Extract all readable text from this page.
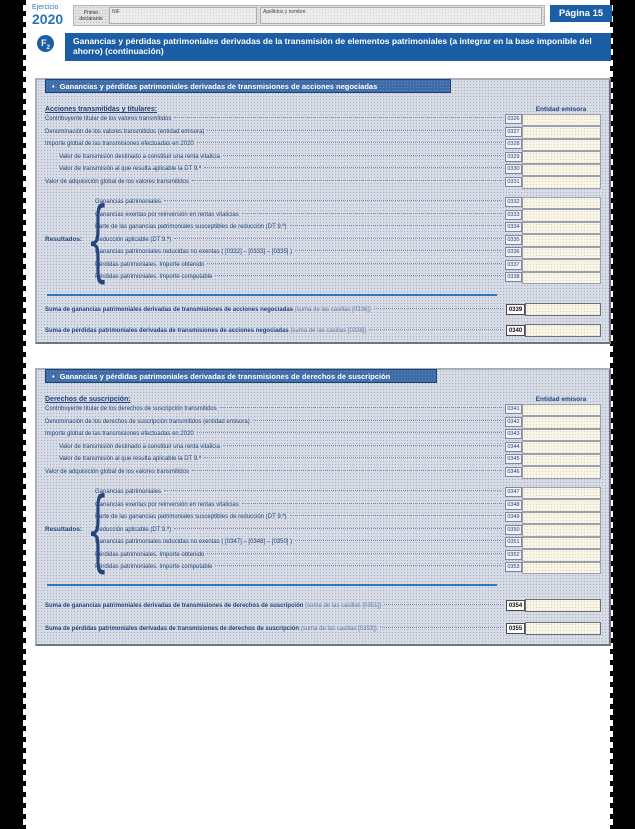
Ejercicio
2020	Primer declarante
NIF	Apellidos y nombre	Página 15
$F_2$
Ganancias y pérdidas patrimoniales derivadas de la transmisión de elementos patrimoniales (a integrar en la base imponible del ahorro) (continuación)
• Ganancias y pérdidas patrimoniales derivadas de transmisiones de acciones negociadas
Acciones transmitidas y titulares:	Entidad emisora
Contribuyente titular de los valores transmitidos	0326
Denominación de los valores transmitidos (entidad emisora)	0327
Importe global de las transmisiones efectuadas en 2020	0328
Valor de transmisión destinado a constituir una renta vitalicia	0329
Valor de transmisión al que resulta aplicable la DT 9.ª	0330
Valor de adquisición global de los valores transmitidos	0331
Resultados: {
Ganancias patrimoniales	0332
Ganancias exentas por reinversión en rentas vitalicias	0333
Parte de las ganancias patrimoniales susceptibles de reducción (DT 9.ª)	0334
Reducción aplicable (DT 9.ª)	0335
Ganancias patrimoniales reducidas no exentas ( [0332] – [0333] – [0335] )	0336
Pérdidas patrimoniales. Importe obtenido	0337
Pérdidas patrimoniales. Importe computable	0338
Suma de ganancias patrimoniales derivadas de transmisiones de acciones negociadas (suma de las casillas [0336])	0339
Suma de pérdidas patrimoniales derivadas de transmisiones de acciones negociadas (suma de las casillas [0338])	0340
• Ganancias y pérdidas patrimoniales derivadas de transmisiones de derechos de suscripción
Derechos de suscripción:	Entidad emisora
Contribuyente titular de los derechos de suscripción transmitidos	0341
Denominación de los derechos de suscripción transmitidos (entidad emisora)	0342
Importe global de las transmisiones efectuadas en 2020	0343
Valor de transmisión destinado a constituir una renta vitalicia	0344
Valor de transmisión al que resulta aplicable la DT 9.ª	0345
Valor de adquisición global de los valores transmitidos	0346
Resultados: {
Ganancias patrimoniales	0347
Ganancias exentas por reinversión en rentas vitalicias	0348
Parte de las ganancias patrimoniales susceptibles de reducción (DT 9.ª)	0349
Reducción aplicable (DT 9.ª)	0350
Ganancias patrimoniales reducidas no exentas ( [0347] – [0348] – [0350] )	0351
Pérdidas patrimoniales. Importe obtenido	0352
Pérdidas patrimoniales. Importe computable	0353
Suma de ganancias patrimoniales derivadas de transmisiones de derechos de suscripción (suma de las casillas [0351])	0354
Suma de pérdidas patrimoniales derivadas de transmisiones de derechos de suscripción (suma de las casillas [0353])	0355
